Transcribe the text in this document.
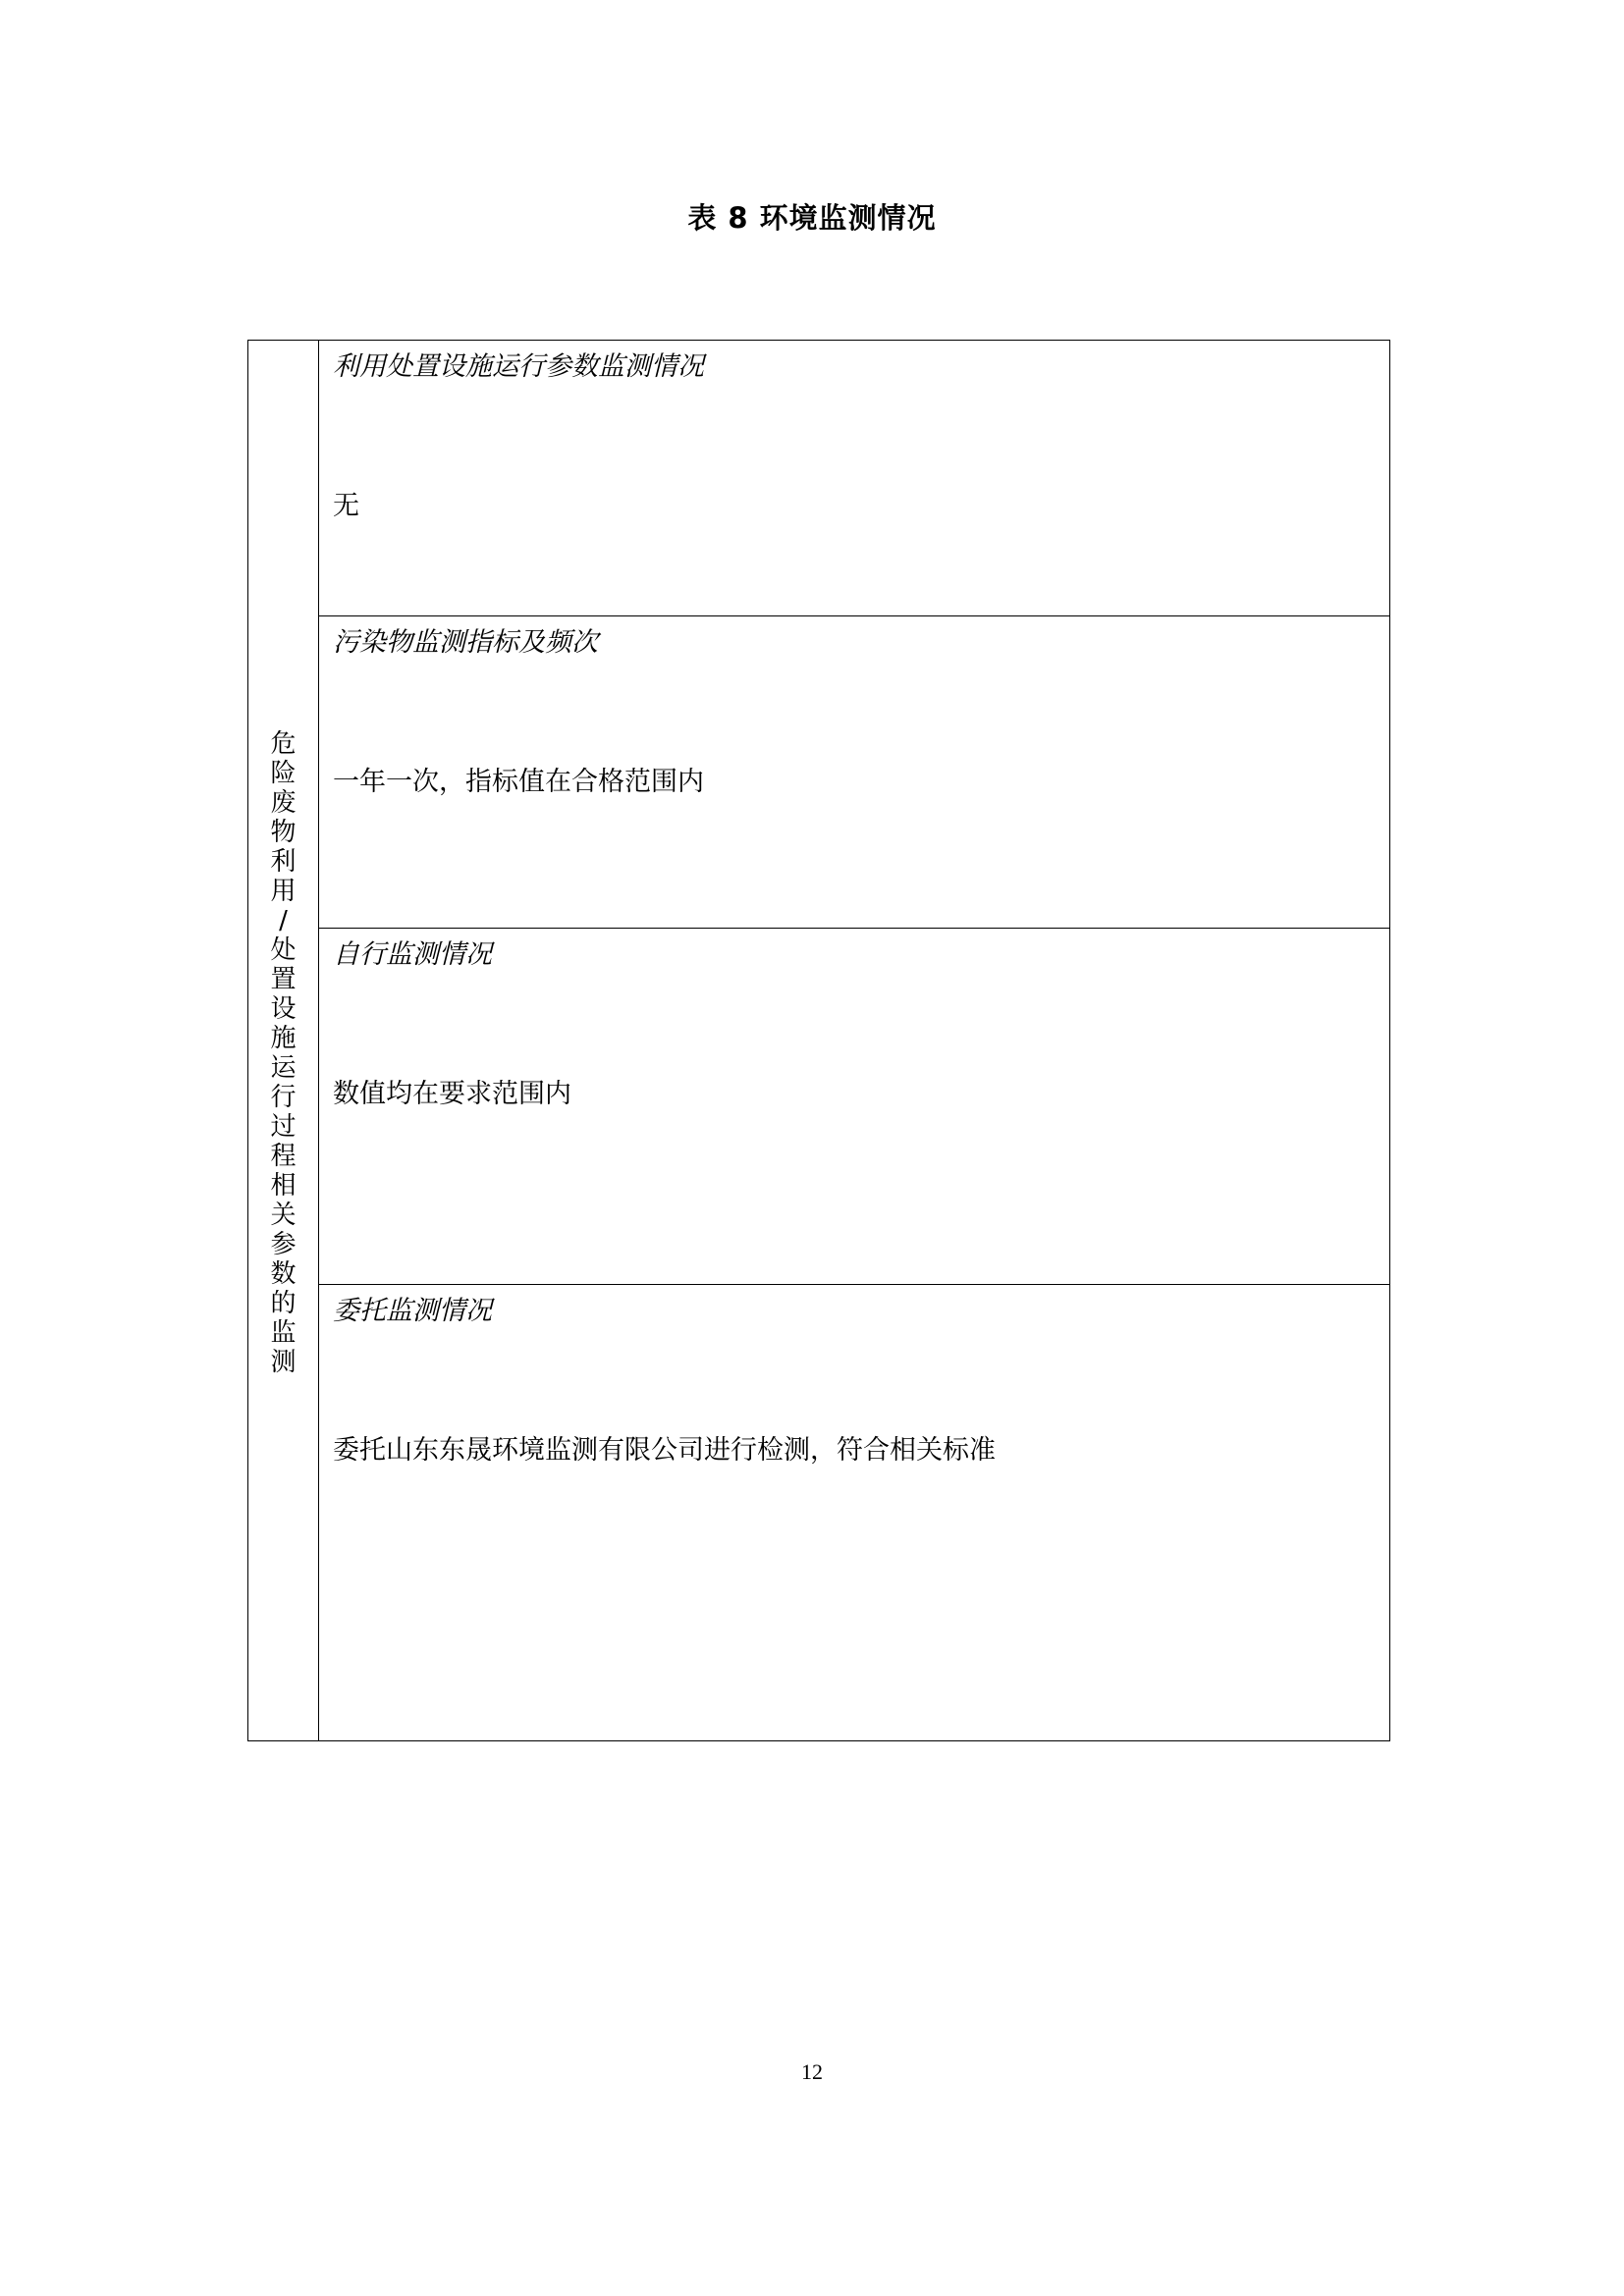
表 8 环境监测情况
危
险
废
物
利
用
/
处
置
设
施
运
行
过
程
相
关
参
数
的
监
测
利用处置设施运行参数监测情况
无
污染物监测指标及频次
一年一次，指标值在合格范围内
自行监测情况
数值均在要求范围内
委托监测情况
委托山东东晟环境监测有限公司进行检测，符合相关标准
12
